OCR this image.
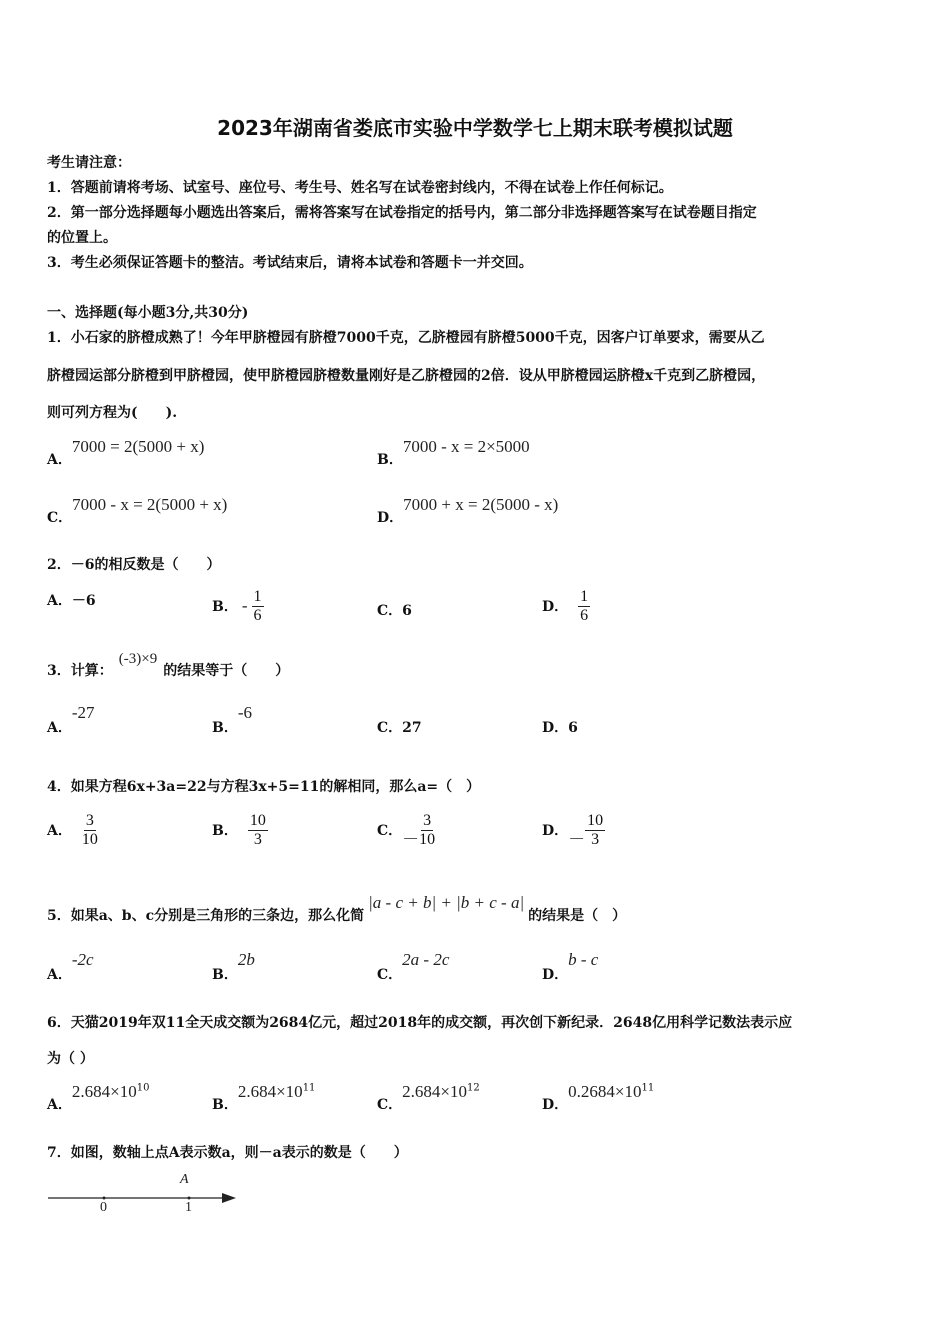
2023年湖南省娄底市实验中学数学七上期末联考模拟试题
考生请注意：
1．答题前请将考场、试室号、座位号、考生号、姓名写在试卷密封线内，不得在试卷上作任何标记。
2．第一部分选择题每小题选出答案后，需将答案写在试卷指定的括号内，第二部分非选择题答案写在试卷题目指定
的位置上。
3．考生必须保证答题卡的整洁。考试结束后，请将本试卷和答题卡一并交回。
一、选择题(每小题3分,共30分)
1．小石家的脐橙成熟了！今年甲脐橙园有脐橙7000千克，乙脐橙园有脐橙5000千克，因客户订单要求，需要从乙
脐橙园运部分脐橙到甲脐橙园，使甲脐橙园脐橙数量刚好是乙脐橙园的2倍．设从甲脐橙园运脐橙x千克到乙脐橙园，
则可列方程为(　　).
A．7000 = 2(5000 + x)
B．7000 - x = 2×5000
C．7000 - x = 2(5000 + x)
D．7000 + x = 2(5000 - x)
2．－6的相反数是（　　）
A．－6	B． - $\frac{1}{6}$	C．6	D． $\frac{1}{6}$
3．计算：(-3)×9的结果等于（　　）
A．-27
B．-6
C．27	D．6
4．如果方程6x+3a=22与方程3x+5=11的解相同，那么a=（　）
A． $\frac{3}{10}$	B． $\frac{10}{3}$	C．－ $\frac{3}{10}$	D．－ $\frac{10}{3}$
5．如果a、b、c分别是三角形的三条边，那么化简|a - c + b| + |b + c - a|的结果是（　）
A．-2c
B．2b
C．2a - 2c
D．b - c
6．天猫2019年双11全天成交额为2684亿元，超过2018年的成交额，再次创下新纪录．2648亿用科学记数法表示应
为（ ）
A．$2.684\times 10^{10}$
B．$2.684\times 10^{11}$
C．$2.684\times 10^{12}$
D．$0.2684\times 10^{11}$
7．如图，数轴上点A表示数a，则－a表示的数是（　　）
A
0	1
